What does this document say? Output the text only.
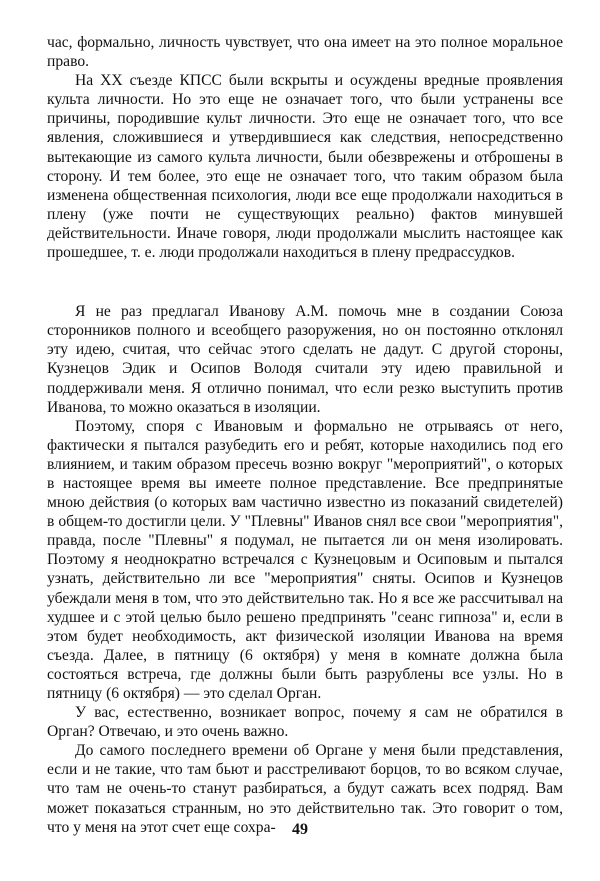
час, формально, личность чувствует, что она имеет на это полное моральное право.

На XX съезде КПСС были вскрыты и осуждены вредные проявления культа личности. Но это еще не означает того, что были устранены все причины, породившие культ личности. Это еще не означает того, что все явления, сложившиеся и утвердившиеся как следствия, непосредственно вытекающие из самого культа личности, были обезврежены и отброшены в сторону. И тем более, это еще не означает того, что таким образом была изменена общественная психология, люди все еще продолжали находиться в плену (уже почти не существующих реально) фактов минувшей действительности. Иначе говоря, люди продолжали мыслить настоящее как прошедшее, т. е. люди продолжали находиться в плену предрассудков.

Я не раз предлагал Иванову А.М. помочь мне в создании Союза сторонников полного и всеобщего разоружения, но он постоянно отклонял эту идею, считая, что сейчас этого сделать не дадут. С другой стороны, Кузнецов Эдик и Осипов Володя считали эту идею правильной и поддерживали меня. Я отлично понимал, что если резко выступить против Иванова, то можно оказаться в изоляции.

Поэтому, споря с Ивановым и формально не отрываясь от него, фактически я пытался разубедить его и ребят, которые находились под его влиянием, и таким образом пресечь возню вокруг "мероприятий", о которых в настоящее время вы имеете полное представление. Все предпринятые мною действия (о которых вам частично известно из показаний свидетелей) в общем-то достигли цели. У "Плевны" Иванов снял все свои "мероприятия", правда, после "Плевны" я подумал, не пытается ли он меня изолировать. Поэтому я неоднократно встречался с Кузнецовым и Осиповым и пытался узнать, действительно ли все "мероприятия" сняты. Осипов и Кузнецов убеждали меня в том, что это действительно так. Но я все же рассчитывал на худшее и с этой целью было решено предпринять "сеанс гипноза" и, если в этом будет необходимость, акт физической изоляции Иванова на время съезда. Далее, в пятницу (6 октября) у меня в комнате должна была состояться встреча, где должны были быть разрублены все узлы. Но в пятницу (6 октября) — это сделал Орган.

У вас, естественно, возникает вопрос, почему я сам не обратился в Орган? Отвечаю, и это очень важно.

До самого последнего времени об Органе у меня были представления, если и не такие, что там бьют и расстреливают борцов, то во всяком случае, что там не очень-то станут разбираться, а будут сажать всех подряд. Вам может показаться странным, но это действительно так. Это говорит о том, что у меня на этот счет еще сохра-	49
